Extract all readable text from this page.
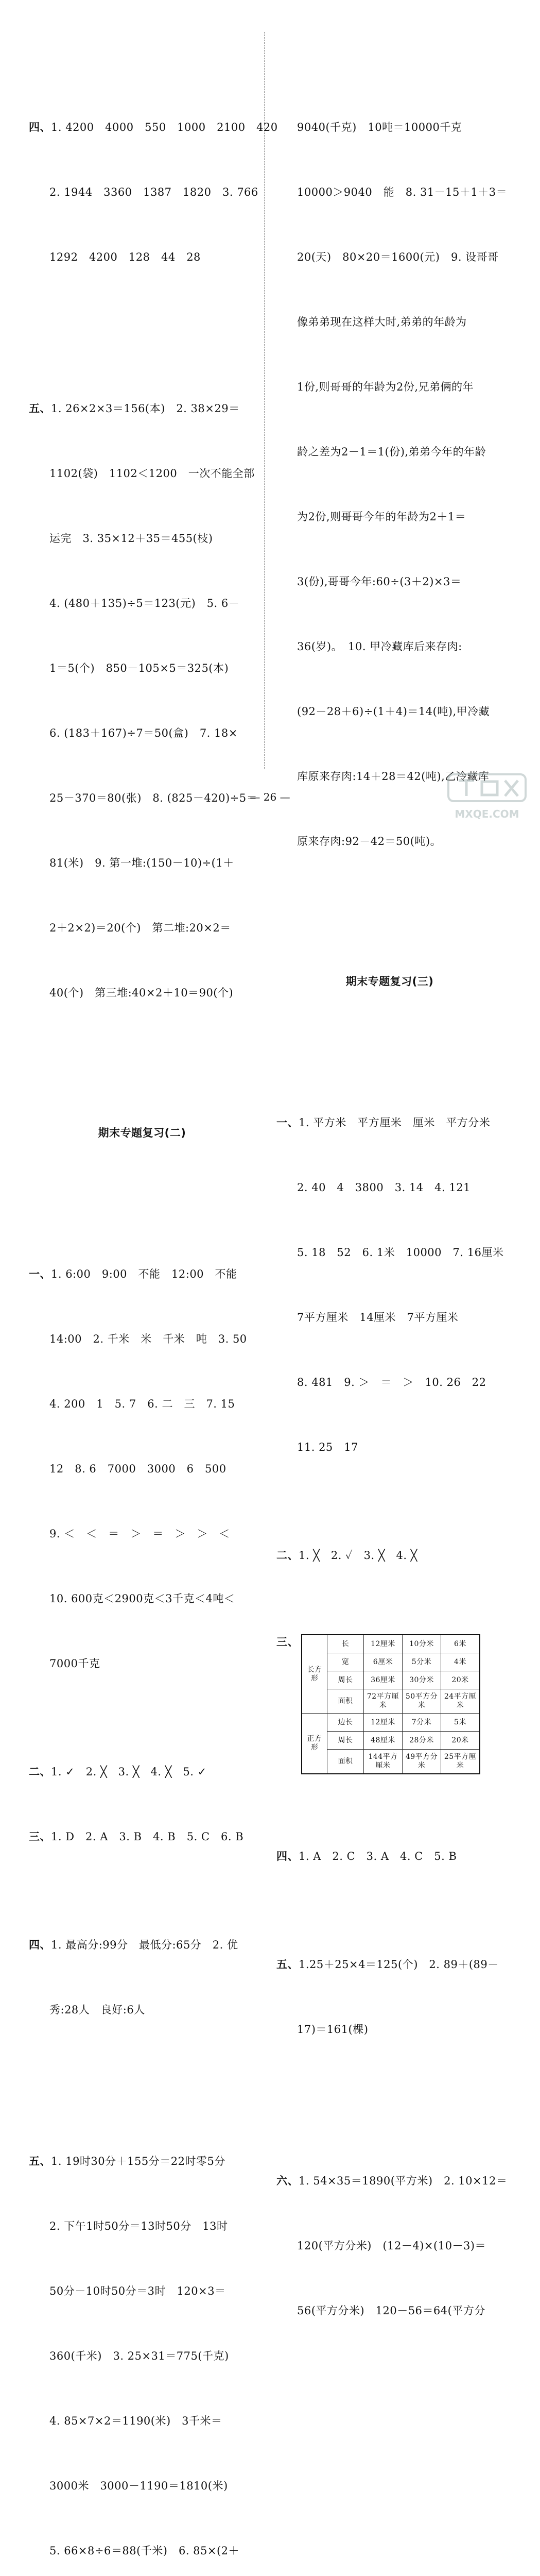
四、1. 4200　4000　550　1000　2100　420

2. 1944　3360　1387　1820　3. 766

1292　4200　128　44　28

五、1. 26×2×3＝156(本)　2. 38×29＝

1102(袋)　1102＜1200　一次不能全部

运完　3. 35×12＋35＝455(枝)

4. (480＋135)÷5＝123(元)　5. 6－

1＝5(个)　850－105×5＝325(本)

6. (183＋167)÷7＝50(盒)　7. 18×

25－370＝80(张)　8. (825－420)÷5＝

81(米)　9. 第一堆:(150－10)÷(1＋

2＋2×2)＝20(个)　第二堆:20×2＝

40(个)　第三堆:40×2＋10＝90(个)

期末专题复习(二)

一、1. 6:00　9:00　不能　12:00　不能

14:00　2. 千米　米　千米　吨　3. 50

4. 200　1　5. 7　6. 二　三　7. 15

12　8. 6　7000　3000　6　500

9. ＜　＜　＝　＞　＝　＞　＞　＜

10. 600克＜2900克＜3千克＜4吨＜

7000千克

二、1. ✓　2. ╳　3. ╳　4. ╳　5. ✓

三、1. D　2. A　3. B　4. B　5. C　6. B

四、1. 最高分:99分　最低分:65分　2. 优

秀:28人　良好:6人

五、1. 19时30分＋155分＝22时零5分

2. 下午1时50分＝13时50分　13时

50分－10时50分＝3时　120×3＝

360(千米)　3. 25×31＝775(千克)

4. 85×7×2＝1190(米)　3千米＝

3000米　3000－1190＝1810(米)

5. 66×8÷6＝88(千米)　6. 85×(2＋

9040(千克)　10吨＝10000千克

10000＞9040　能　8. 31－15＋1＋3＝

20(天)　80×20＝1600(元)　9. 设哥哥

像弟弟现在这样大时,弟弟的年龄为

1份,则哥哥的年龄为2份,兄弟俩的年

龄之差为2－1＝1(份),弟弟今年的年龄

为2份,则哥哥今年的年龄为2＋1＝

3(份),哥哥今年:60÷(3＋2)×3＝

36(岁)。　10. 甲冷藏库后来存肉:

(92－28＋6)÷(1＋4)＝14(吨),甲冷藏

库原来存肉:14＋28＝42(吨),乙冷藏库

原来存肉:92－42＝50(吨)。

期末专题复习(三)

一、1. 平方米　平方厘米　厘米　平方分米

2. 40　4　3800　3. 14　4. 121

5. 18　52　6. 1米　10000　7. 16厘米

7平方厘米　14厘米　7平方厘米

8. 481　9. ＞　＝　＞　10. 26　22

11. 25　17

二、1. ╳　2. ✓　3. ╳　4. ╳

三、

长方形	长	12厘米	10分米	6米
	宽	6厘米	5分米	4米
	周长	36厘米	30分米	20米
	面积	72平方厘米	50平方分米	24平方厘米
正方形	边长	12厘米	7分米	5米
	周长	48厘米	28分米	20米
	面积	144平方厘米	49平方分米	25平方厘米

四、1. A　2. C　3. A　4. C　5. B

五、1.25＋25×4＝125(个)　2. 89＋(89－

17)＝161(棵)

六、1. 54×35＝1890(平方米)　2. 10×12＝

120(平方分米)　(12－4)×(10－3)＝

56(平方分米)　120－56＝64(平方分

— 26 —
MXQE.COM
